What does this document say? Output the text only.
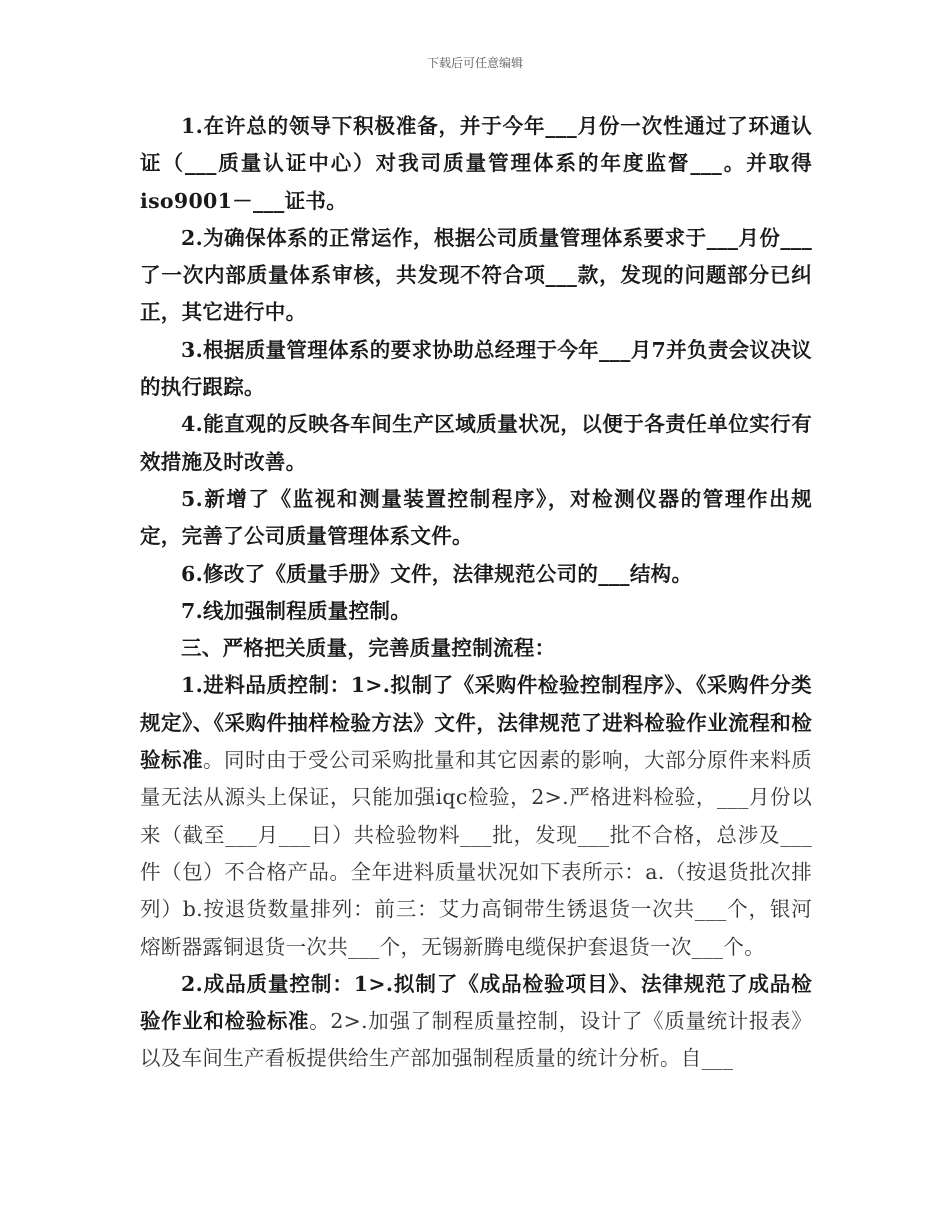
下载后可任意编辑

1.在许总的领导下积极准备，并于今年___月份一次性通过了环通认证（___质量认证中心）对我司质量管理体系的年度监督___。并取得iso9001－___证书。

2.为确保体系的正常运作，根据公司质量管理体系要求于___月份___了一次内部质量体系审核，共发现不符合项___款，发现的问题部分已纠正，其它进行中。

3.根据质量管理体系的要求协助总经理于今年___月7并负责会议决议的执行跟踪。

4.能直观的反映各车间生产区域质量状况，以便于各责任单位实行有效措施及时改善。

5.新增了《监视和测量装置控制程序》，对检测仪器的管理作出规定，完善了公司质量管理体系文件。

6.修改了《质量手册》文件，法律规范公司的___结构。

7.线加强制程质量控制。

三、严格把关质量，完善质量控制流程：

1.进料品质控制：1>.拟制了《采购件检验控制程序》、《采购件分类规定》、《采购件抽样检验方法》文件，法律规范了进料检验作业流程和检验标准。同时由于受公司采购批量和其它因素的影响，大部分原件来料质量无法从源头上保证，只能加强iqc检验，2>.严格进料检验，___月份以来（截至___月___日）共检验物料___批，发现___批不合格，总涉及___件（包）不合格产品。全年进料质量状况如下表所示：a.（按退货批次排列）b.按退货数量排列：前三：艾力高铜带生锈退货一次共___个，银河熔断器露铜退货一次共___个，无锡新腾电缆保护套退货一次___个。

2.成品质量控制：1>.拟制了《成品检验项目》、法律规范了成品检验作业和检验标准。2>.加强了制程质量控制，设计了《质量统计报表》以及车间生产看板提供给生产部加强制程质量的统计分析。自___
